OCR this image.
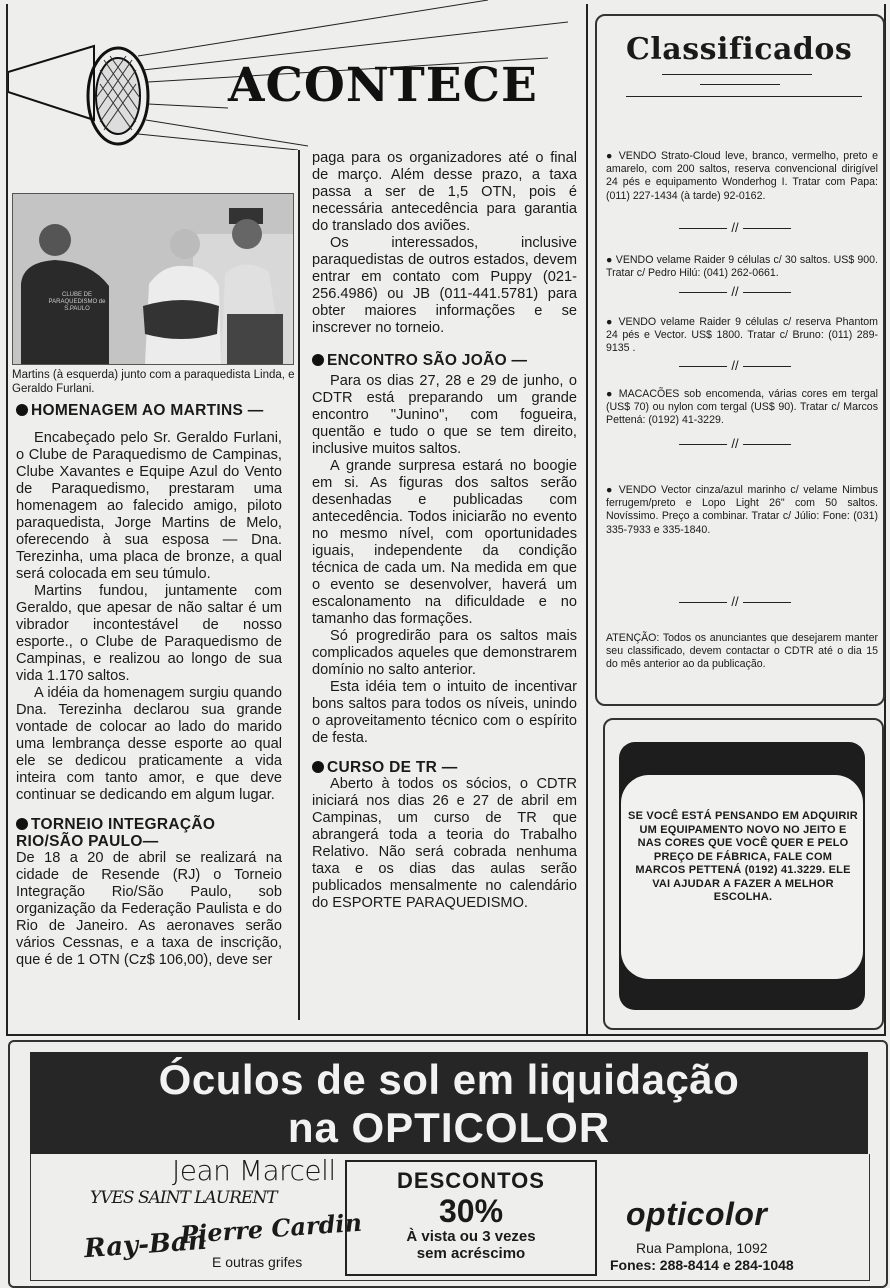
ACONTECE
CLUBE DE PARAQUEDISMO de S.PAULO
Martins (à esquerda) junto com a paraquedista Linda, e Geraldo Furlani.
HOMENAGEM AO MARTINS —

Encabeçado pelo Sr. Geraldo Furlani, o Clube de Paraquedismo de Campinas, Clube Xavantes e Equipe Azul do Vento de Paraquedismo, prestaram uma homenagem ao falecido amigo, piloto paraquedista, Jorge Martins de Melo, oferecendo à sua esposa — Dna. Terezinha, uma placa de bronze, a qual será colocada em seu túmulo.

Martins fundou, juntamente com Geraldo, que apesar de não saltar é um vibrador incontestável de nosso esporte., o Clube de Paraquedismo de Campinas, e realizou ao longo de sua vida 1.170 saltos.

A idéia da homenagem surgiu quando Dna. Terezinha declarou sua grande vontade de colocar ao lado do marido uma lembrança desse esporte ao qual ele se dedicou praticamente a vida inteira com tanto amor, e que deve continuar se dedicando em algum lugar.

TORNEIO INTEGRAÇÃO
RIO/SÃO PAULO—

De 18 a 20 de abril se realizará na cidade de Resende (RJ) o Torneio Integração Rio/São Paulo, sob organização da Federação Paulista e do Rio de Janeiro. As aeronaves serão vários Cessnas, e a taxa de inscrição, que é de 1 OTN (Cz$ 106,00), deve ser

paga para os organizadores até o final de março. Além desse prazo, a taxa passa a ser de 1,5 OTN, pois é necessária antecedência para garantia do translado dos aviões.

Os interessados, inclusive paraquedistas de outros estados, devem entrar em contato com Puppy (021-256.4986) ou JB (011-441.5781) para obter maiores informações e se inscrever no torneio.

ENCONTRO SÃO JOÃO —

Para os dias 27, 28 e 29 de junho, o CDTR está preparando um grande encontro "Junino", com fogueira, quentão e tudo o que se tem direito, inclusive muitos saltos.

A grande surpresa estará no boogie em si. As figuras dos saltos serão desenhadas e publicadas com antecedência. Todos iniciarão no evento no mesmo nível, com oportunidades iguais, independente da condição técnica de cada um. Na medida em que o evento se desenvolver, haverá um escalonamento na dificuldade e no tamanho das formações.

Só progredirão para os saltos mais complicados aqueles que demonstrarem domínio no salto anterior.

Esta idéia tem o intuito de incentivar bons saltos para todos os níveis, unindo o aproveitamento técnico com o espírito de festa.

CURSO DE TR —

Aberto à todos os sócios, o CDTR iniciará nos dias 26 e 27 de abril em Campinas, um curso de TR que abrangerá toda a teoria do Trabalho Relativo. Não será cobrada nenhuma taxa e os dias das aulas serão publicados mensalmente no calendário do ESPORTE PARAQUEDISMO.

Classificados
● VENDO Strato-Cloud leve, branco, vermelho, preto e amarelo, com 200 saltos, reserva convencional dirigível 24 pés e equipamento Wonderhog I. Tratar com Papa: (011) 227-1434 (à tarde) 92-0162.
//
● VENDO velame Raider 9 células c/ 30 saltos. US$ 900. Tratar c/ Pedro Hilú: (041) 262-0661.
//
● VENDO velame Raider 9 células c/ reserva Phantom 24 pés e Vector. US$ 1800. Tratar c/ Bruno: (011) 289-9135 .
//
● MACACÕES sob encomenda, várias cores em tergal (US$ 70) ou nylon com tergal (US$ 90). Tratar c/ Marcos Pettená: (0192) 41-3229.
//
● VENDO Vector cinza/azul marinho c/ velame Nimbus ferrugem/preto e Lopo Light 26" com 50 saltos. Novíssimo. Preço a combinar. Tratar c/ Júlio: Fone: (031) 335-7933 e 335-1840.
//
ATENÇÃO: Todos os anunciantes que desejarem manter seu classificado, devem contactar o CDTR até o dia 15 do mês anterior ao da publicação.
SE VOCÊ ESTÁ PENSANDO EM ADQUIRIR UM EQUIPAMENTO NOVO NO JEITO E NAS CORES QUE VOCÊ QUER E PELO PREÇO DE FÁBRICA, FALE COM MARCOS PETTENÁ (0192) 41.3229. ELE VAI AJUDAR A FAZER A MELHOR ESCOLHA.
Óculos de sol em liquidação
na OPTICOLOR
Jean Marcell
YVES SAINT LAURENT
Pierre Cardin
Ray-Ban E outras grifes
DESCONTOS
30%
À vista ou 3 vezes
sem acréscimo
opticolor
Rua Pamplona, 1092
Fones: 288-8414 e 284-1048
